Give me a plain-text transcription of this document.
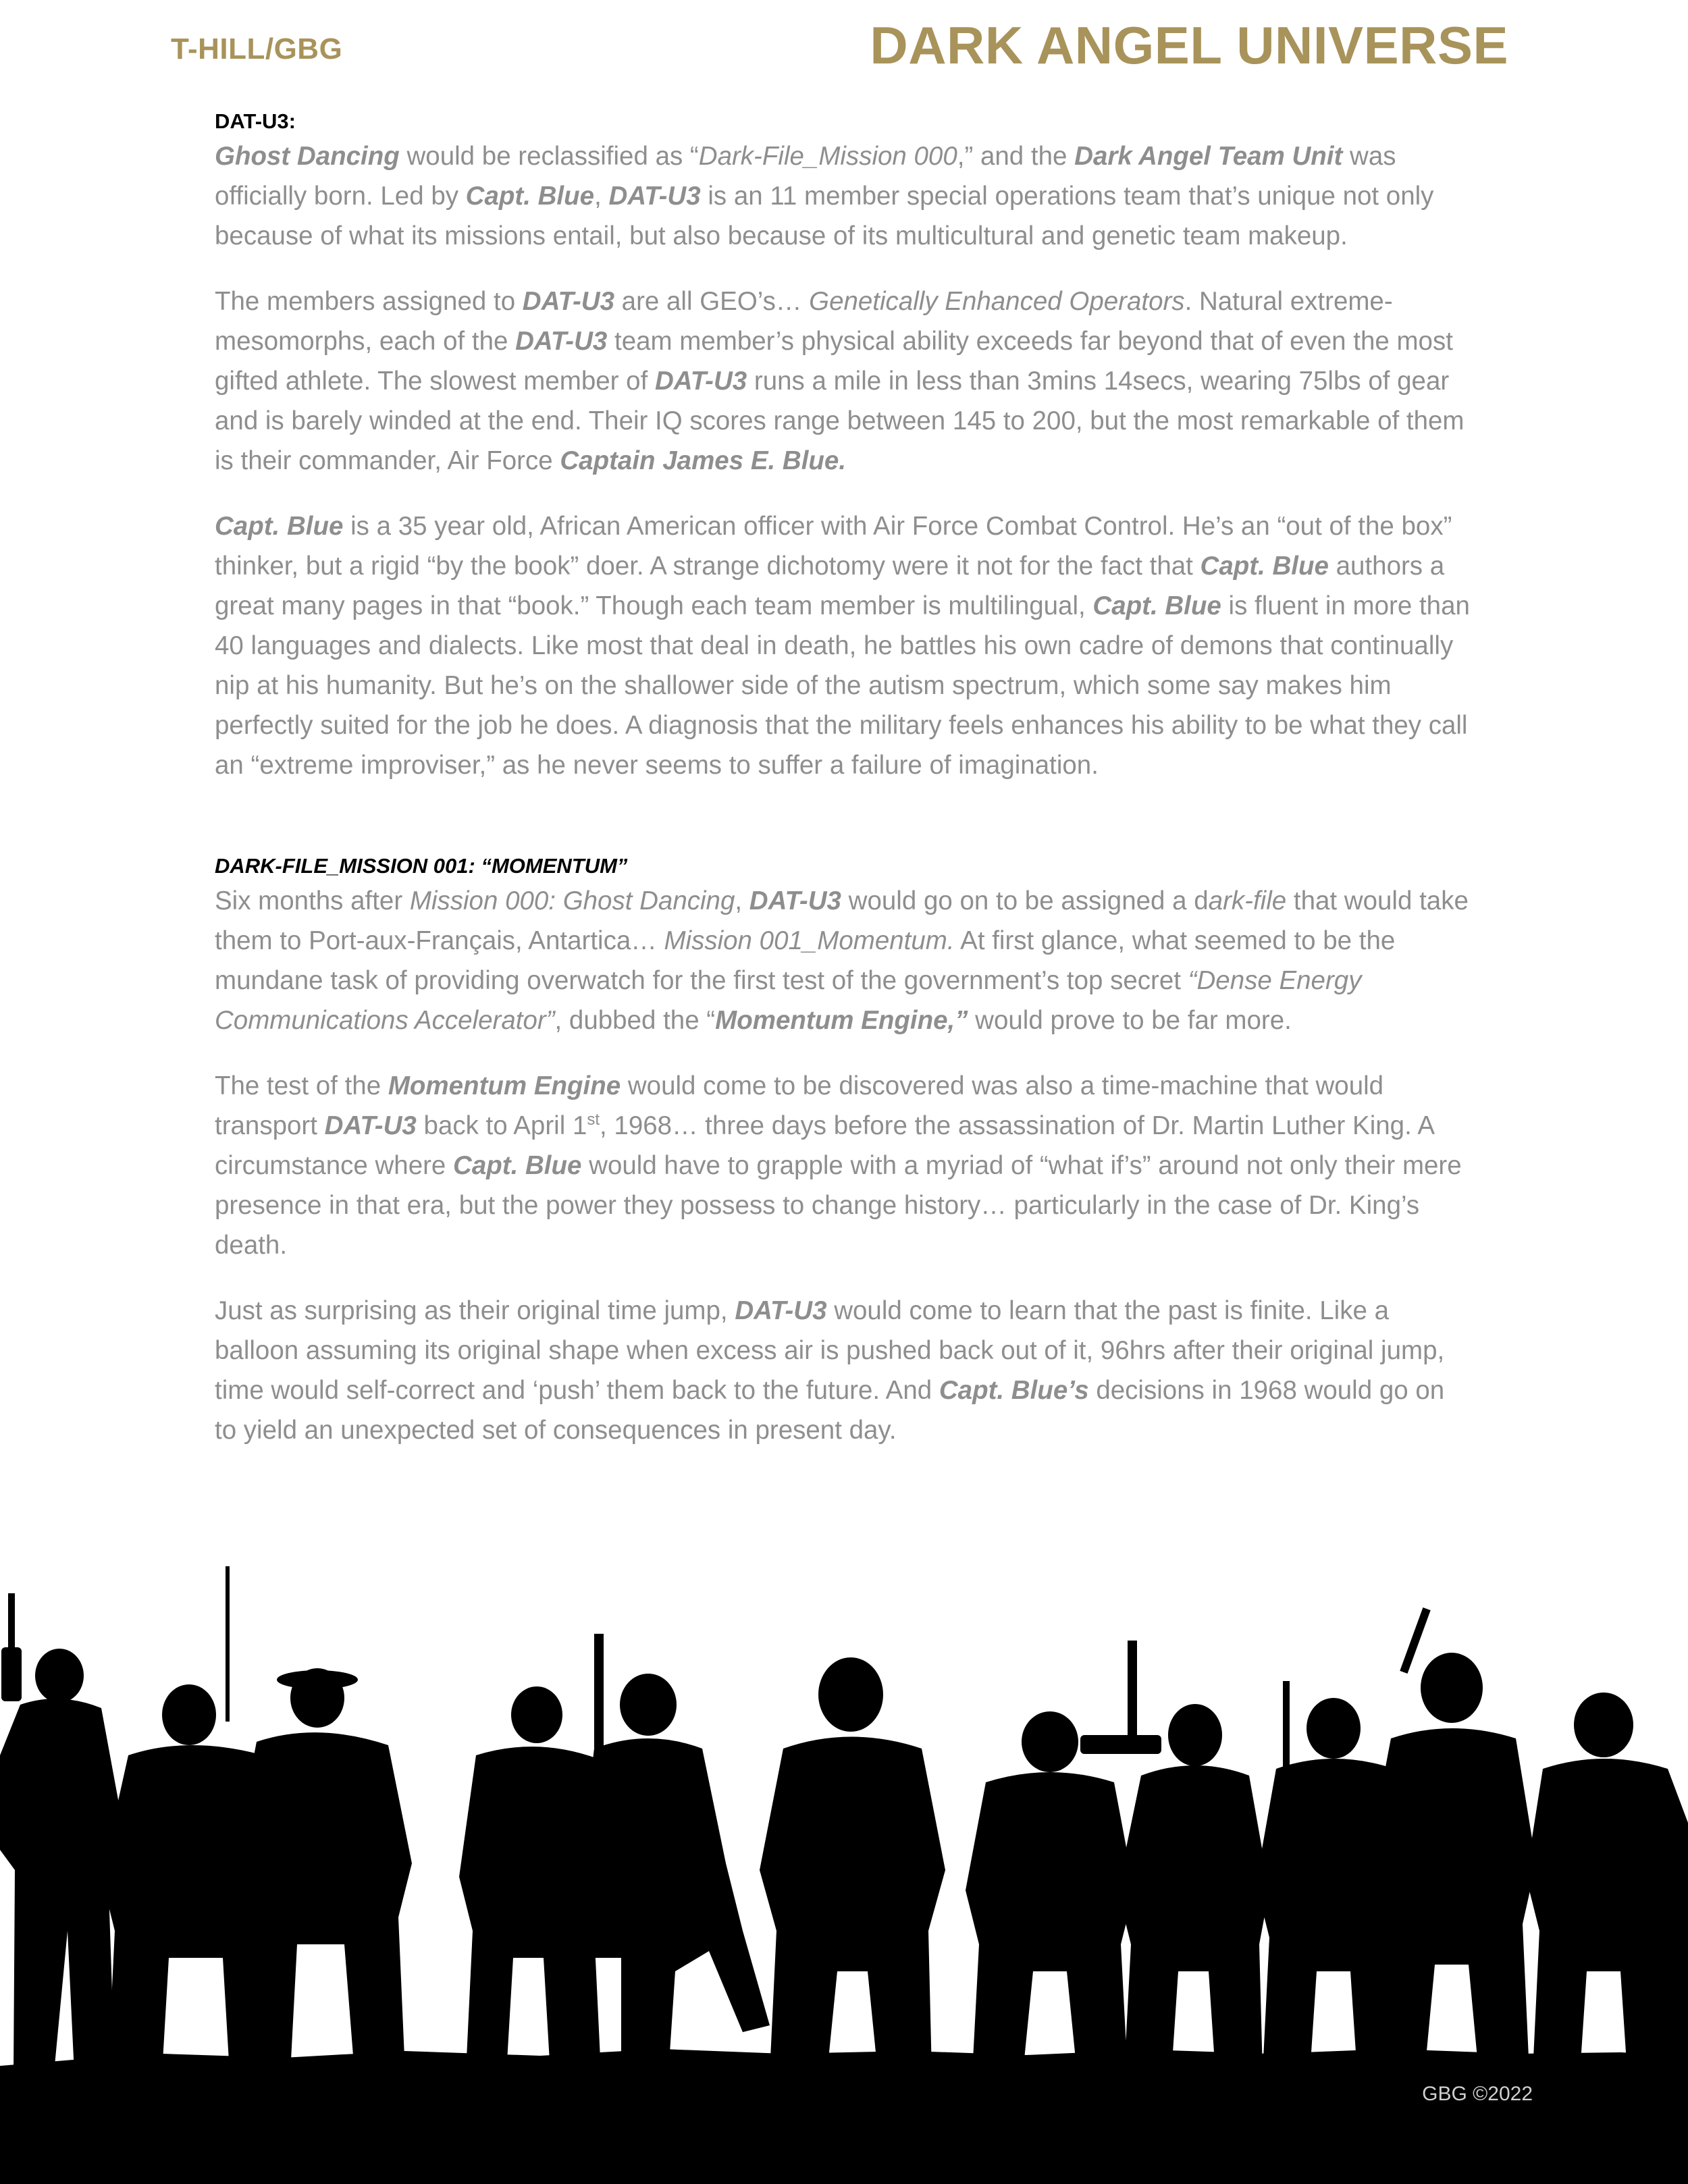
T-HILL/GBG	DARK ANGEL UNIVERSE
DAT-U3:

Ghost Dancing would be reclassified as “Dark-File_Mission 000,” and the Dark Angel Team Unit was officially born. Led by Capt. Blue, DAT-U3 is an 11 member special operations team that’s unique not only because of what its missions entail, but also because of its multicultural and genetic team makeup.

The members assigned to DAT-U3 are all GEO’s… Genetically Enhanced Operators. Natural extreme-mesomorphs, each of the DAT-U3 team member’s physical ability exceeds far beyond that of even the most gifted athlete. The slowest member of DAT-U3 runs a mile in less than 3mins 14secs, wearing 75lbs of gear and is barely winded at the end. Their IQ scores range between 145 to 200, but the most remarkable of them is their commander, Air Force Captain James E. Blue.

Capt. Blue is a 35 year old, African American officer with Air Force Combat Control. He’s an “out of the box” thinker, but a rigid “by the book” doer. A strange dichotomy were it not for the fact that Capt. Blue authors a great many pages in that “book.” Though each team member is multilingual, Capt. Blue is fluent in more than 40 languages and dialects. Like most that deal in death, he battles his own cadre of demons that continually nip at his humanity. But he’s on the shallower side of the autism spectrum, which some say makes him perfectly suited for the job he does. A diagnosis that the military feels enhances his ability to be what they call an “extreme improviser,” as he never seems to suffer a failure of imagination.

DARK-FILE_MISSION 001: “MOMENTUM”

Six months after Mission 000: Ghost Dancing, DAT-U3 would go on to be assigned a dark-file that would take them to Port-aux-Français, Antartica… Mission 001_Momentum. At first glance, what seemed to be the mundane task of providing overwatch for the first test of the government’s top secret “Dense Energy Communications Accelerator”, dubbed the “Momentum Engine,” would prove to be far more.

The test of the Momentum Engine would come to be discovered was also a time-machine that would transport DAT-U3 back to April 1st, 1968… three days before the assassination of Dr. Martin Luther King. A circumstance where Capt. Blue would have to grapple with a myriad of “what if’s” around not only their mere presence in that era, but the power they possess to change history… particularly in the case of Dr. King’s death.

Just as surprising as their original time jump, DAT-U3 would come to learn that the past is finite. Like a balloon assuming its original shape when excess air is pushed back out of it, 96hrs after their original jump, time would self-correct and ‘push’ them back to the future. And Capt. Blue’s decisions in 1968 would go on to yield an unexpected set of consequences in present day.

GBG ©2022
